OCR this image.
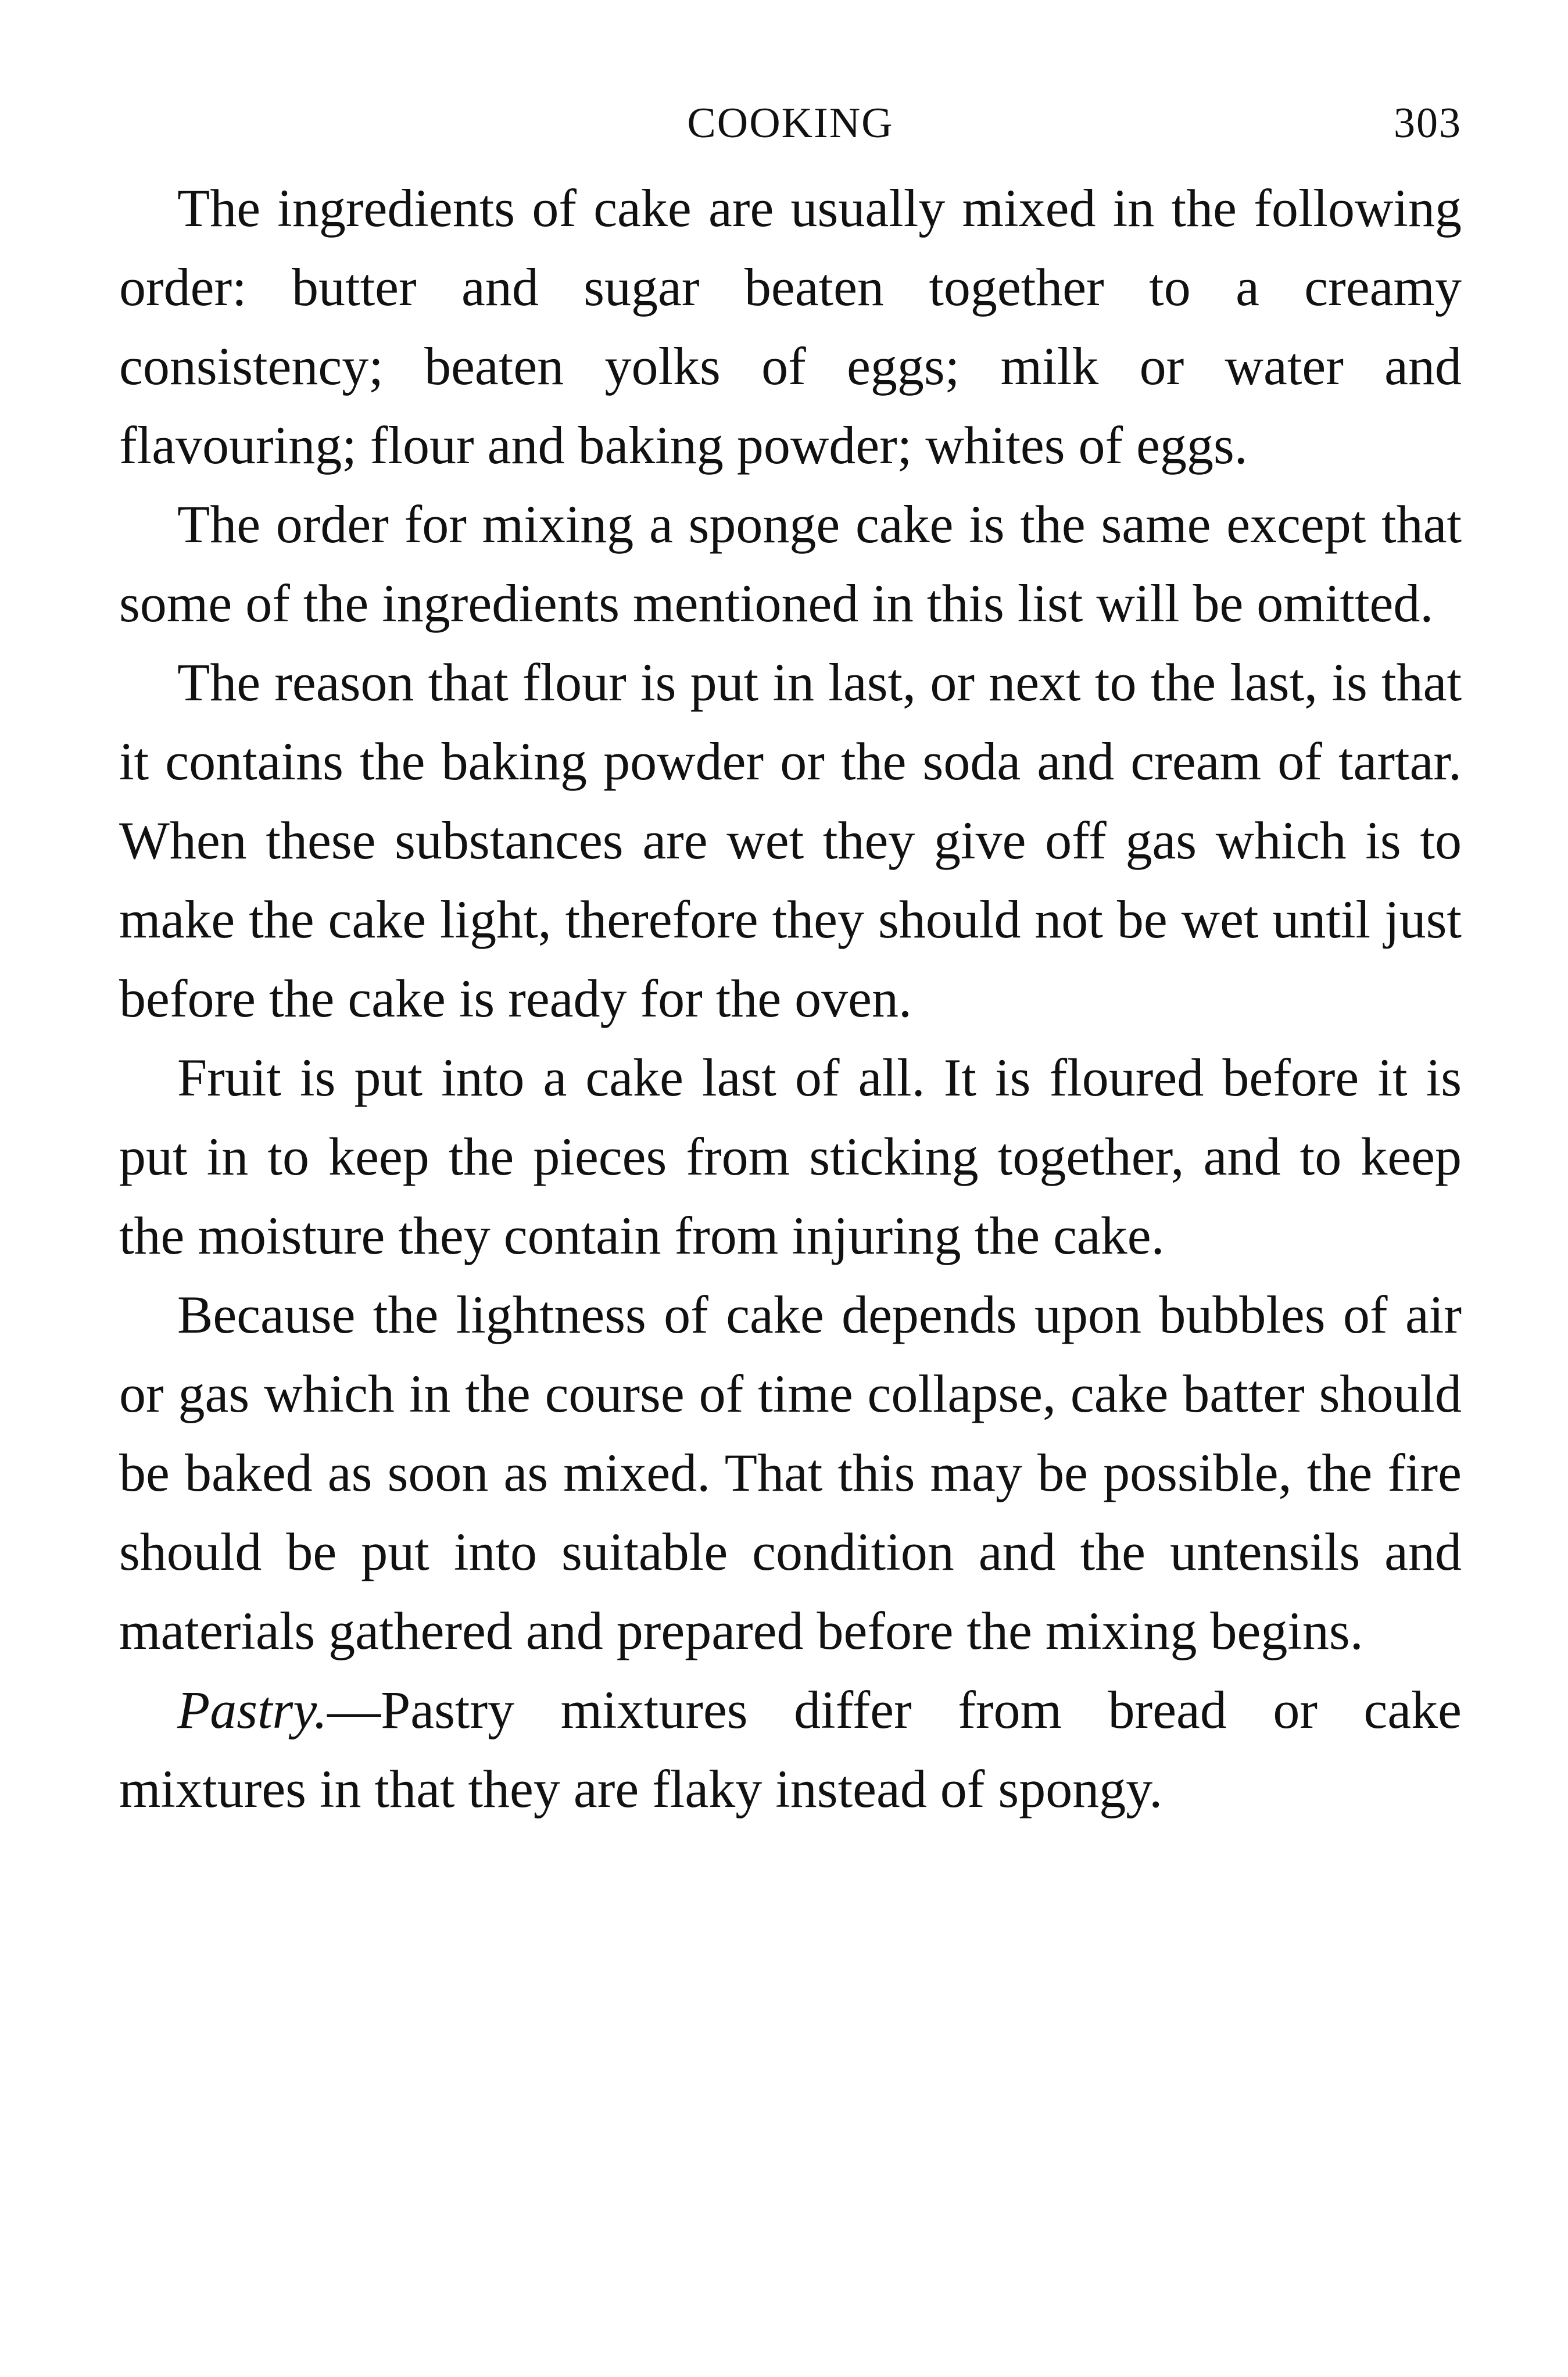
COOKING	303

The ingredients of cake are usually mixed in the following order: butter and sugar beaten together to a creamy consistency; beaten yolks of eggs; milk or water and flavouring; flour and baking powder; whites of eggs.

The order for mixing a sponge cake is the same except that some of the ingredients mentioned in this list will be omitted.

The reason that flour is put in last, or next to the last, is that it contains the baking powder or the soda and cream of tartar. When these substances are wet they give off gas which is to make the cake light, therefore they should not be wet until just before the cake is ready for the oven.

Fruit is put into a cake last of all. It is floured before it is put in to keep the pieces from sticking together, and to keep the moisture they contain from injuring the cake.

Because the lightness of cake depends upon bubbles of air or gas which in the course of time collapse, cake batter should be baked as soon as mixed. That this may be possible, the fire should be put into suitable condition and the untensils and materials gathered and prepared before the mixing begins.

Pastry.—Pastry mixtures differ from bread or cake mixtures in that they are flaky instead of spongy.
